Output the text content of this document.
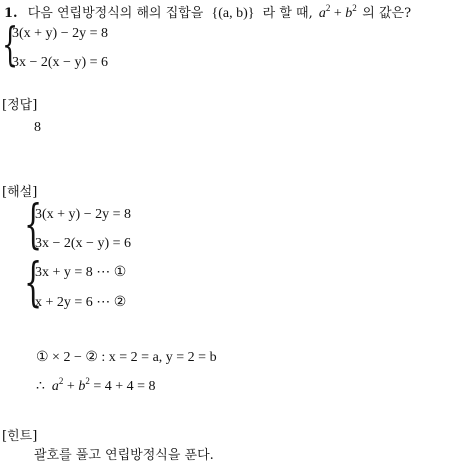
1. 다음 연립방정식의 해의 집합을 {(a, b)} 라 할 때, $a^2 + b^2$ 의 값은?
{
3(x + y) − 2y = 8
3x − 2(x − y) = 6
[정답]
8
[해설]
{
3(x + y) − 2y = 8
3x − 2(x − y) = 6
{
3x + y = 8 ⋯ ①
x + 2y = 6 ⋯ ②
① × 2 − ② : x = 2 = a, y = 2 = b
∴ $a^2 + b^2 = 4 + 4 = 8$
[힌트]
괄호를 풀고 연립방정식을 푼다.
